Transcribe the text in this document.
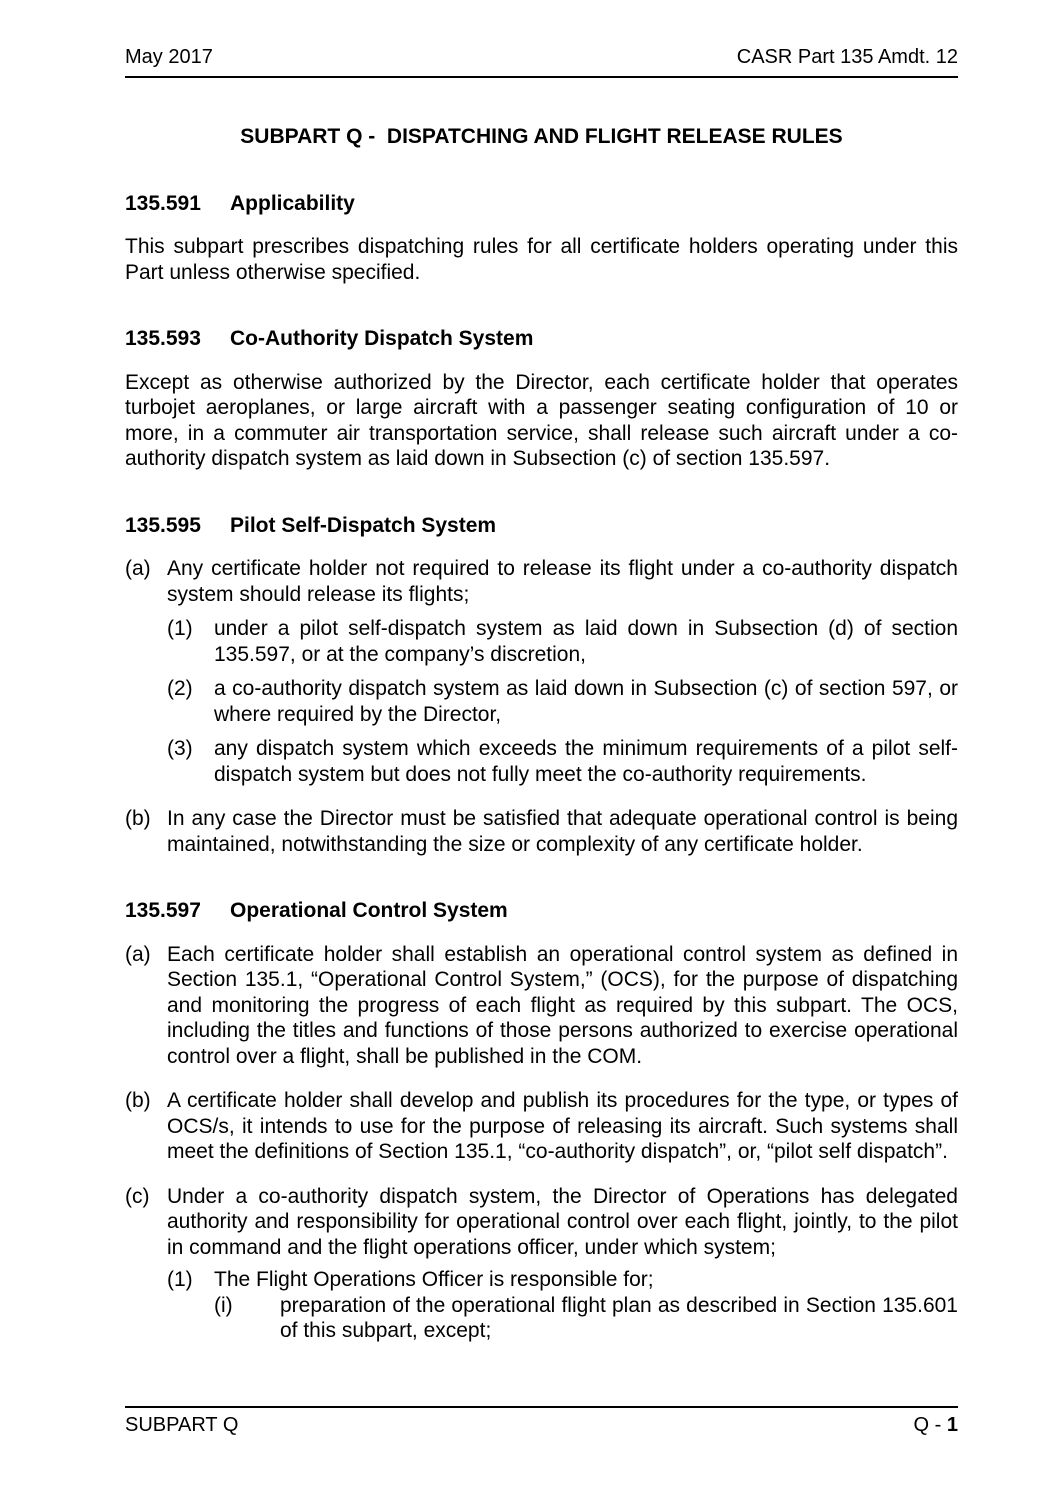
May 2017	CASR Part 135 Amdt. 12
SUBPART Q -  DISPATCHING AND FLIGHT RELEASE RULES
135.591 Applicability

This subpart prescribes dispatching rules for all certificate holders operating under this Part unless otherwise specified.

135.593 Co-Authority Dispatch System

Except as otherwise authorized by the Director, each certificate holder that operates turbojet aeroplanes, or large aircraft with a passenger seating configuration of 10 or more, in a commuter air transportation service, shall release such aircraft under a co-authority dispatch system as laid down in Subsection (c) of section 135.597.

135.595 Pilot Self-Dispatch System
(a) Any certificate holder not required to release its flight under a co-authority dispatch system should release its flights;
(1)	under a pilot self-dispatch system as laid down in Subsection (d) of section 135.597, or at the company’s discretion,
(2)	a co-authority dispatch system as laid down in Subsection (c) of section 597, or where required by the Director,
(3)	any dispatch system which exceeds the minimum requirements of a pilot self-dispatch system but does not fully meet the co-authority requirements.
(b) In any case the Director must be satisfied that adequate operational control is being maintained, notwithstanding the size or complexity of any certificate holder.
135.597 Operational Control System
(a) Each certificate holder shall establish an operational control system as defined in Section 135.1, “Operational Control System,” (OCS), for the purpose of dispatching and monitoring the progress of each flight as required by this subpart. The OCS, including the titles and functions of those persons authorized to exercise operational control over a flight, shall be published in the COM.
(b) A certificate holder shall develop and publish its procedures for the type, or types of OCS/s, it intends to use for the purpose of releasing its aircraft. Such systems shall meet the definitions of Section 135.1, “co-authority dispatch”, or, “pilot self dispatch”.
(c) Under a co-authority dispatch system, the Director of Operations has delegated authority and responsibility for operational control over each flight, jointly, to the pilot in command and the flight operations officer, under which system;
(1)	The Flight Operations Officer is responsible for;
(i)	preparation of the operational flight plan as described in Section 135.601 of this subpart, except;
SUBPART Q	Q - 1
